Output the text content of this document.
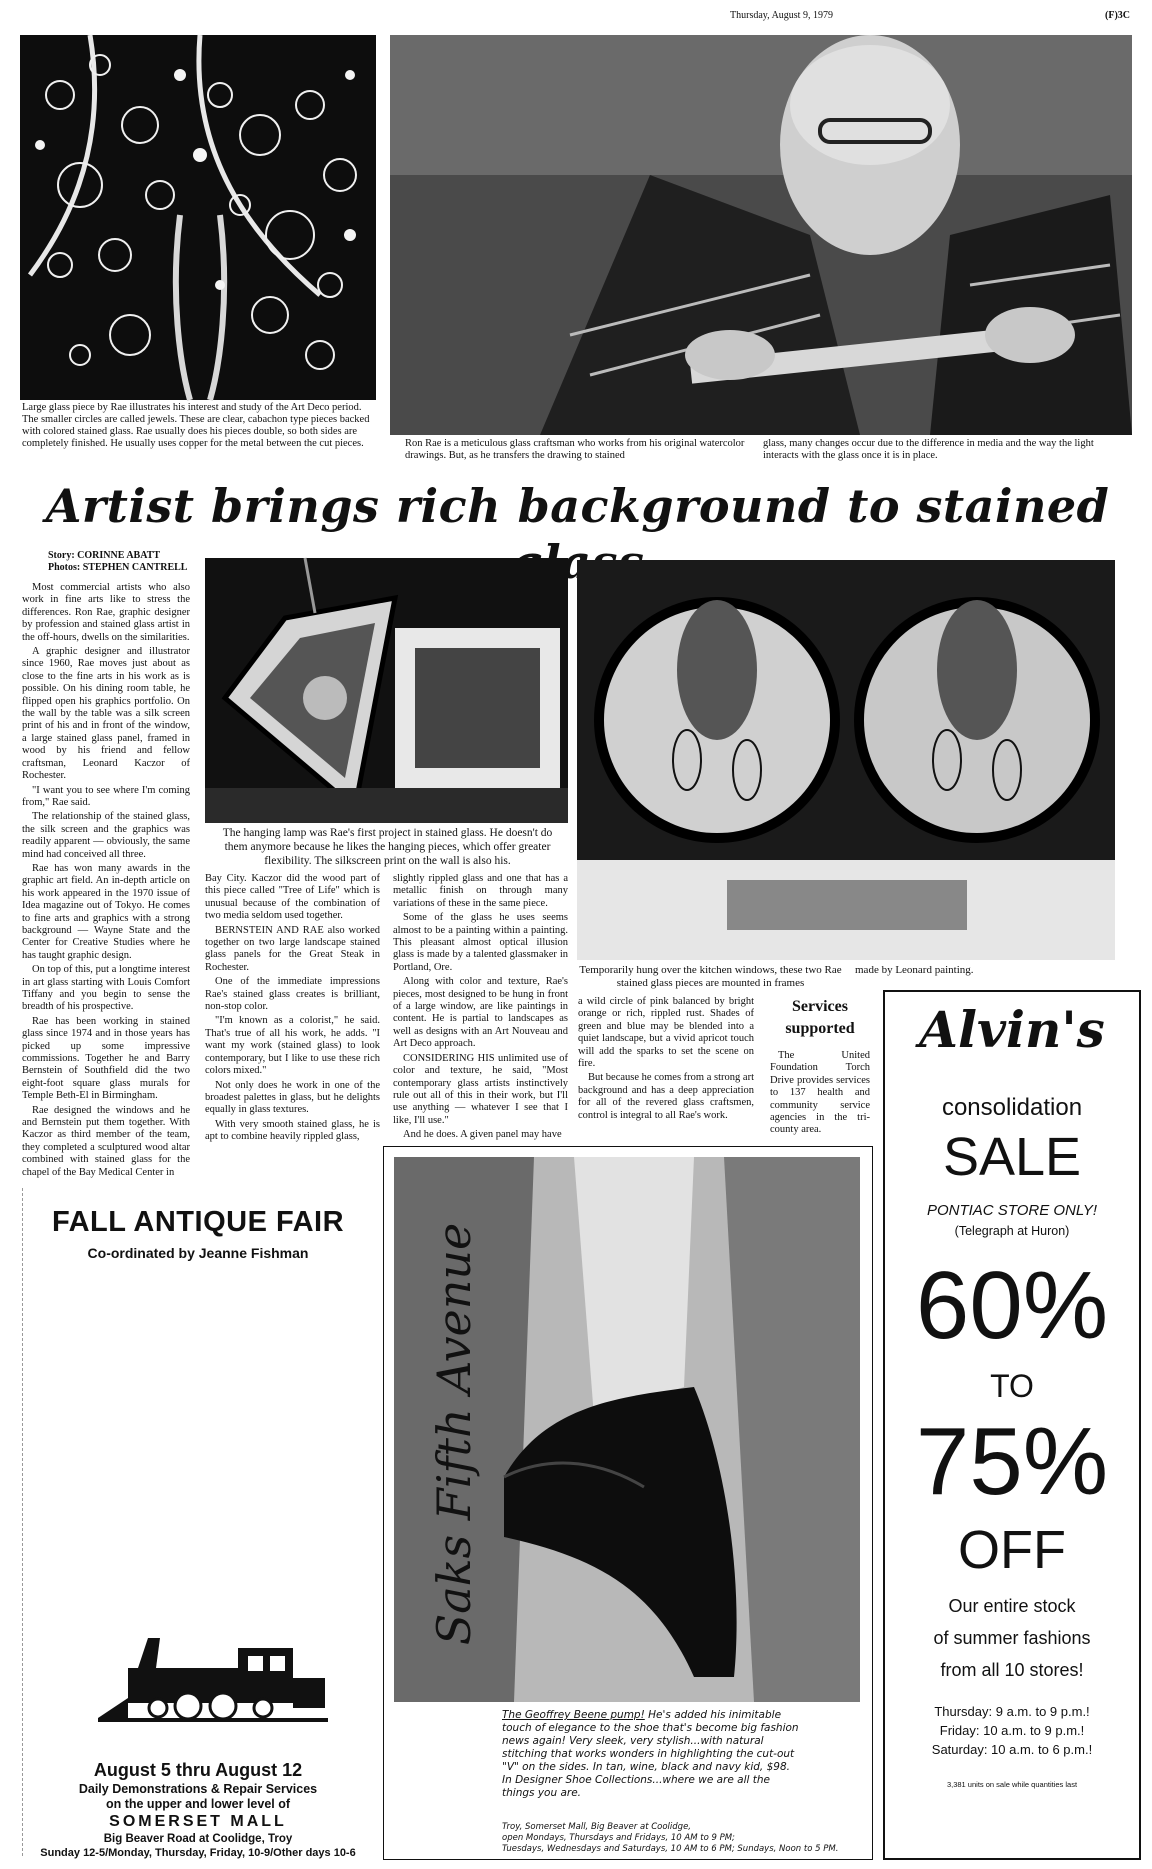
Thursday, August 9, 1979	(F)3C
Large glass piece by Rae illustrates his interest and study of the Art Deco period. The smaller circles are called jewels. These are clear, cabachon type pieces backed with colored stained glass. Rae usually does his pieces double, so both sides are completely finished. He usually uses copper for the metal between the cut pieces.	Ron Rae is a meticulous glass craftsman who works from his original watercolor drawings. But, as he transfers the drawing to stained
glass, many changes occur due to the difference in media and the way the light interacts with the glass once it is in place.
Artist brings rich background to stained
Story: CORINNE ABATT
Photos: STEPHEN CANTRELL

Most commercial artists who also work in fine arts like to stress the differences. Ron Rae, graphic designer by profession and stained glass artist in the off-hours, dwells on the similarities.

A graphic designer and illustrator since 1960, Rae moves just about as close to the fine arts in his work as is possible. On his dining room table, he flipped open his graphics portfolio. On the wall by the table was a silk screen print of his and in front of the window, a large stained glass panel, framed in wood by his friend and fellow craftsman, Leonard Kaczor of Rochester.

"I want you to see where I'm coming from," Rae said.

The relationship of the stained glass, the silk screen and the graphics was readily apparent — obviously, the same mind had conceived all three.

Rae has won many awards in the graphic art field. An in-depth article on his work appeared in the 1970 issue of Idea magazine out of Tokyo. He comes to fine arts and graphics with a strong background — Wayne State and the Center for Creative Studies where he has taught graphic design.

On top of this, put a longtime interest in art glass starting with Louis Comfort Tiffany and you begin to sense the breadth of his prospective.

Rae has been working in stained glass since 1974 and in those years has picked up some impressive commissions. Together he and Barry Bernstein of Southfield did the two eight-foot square glass murals for Temple Beth-El in Birmingham.

Rae designed the windows and he and Bernstein put them together. With Kaczor as third member of the team, they completed a sculptured wood altar combined with stained glass for the chapel of the Bay Medical Center in

The hanging lamp was Rae's first project in stained glass. He doesn't do them anymore because he likes the hanging pieces, which offer greater flexibility. The silkscreen print on the wall is also his.

Bay City. Kaczor did the wood part of this piece called "Tree of Life" which is unusual because of the combination of two media seldom used together.

BERNSTEIN AND RAE also worked together on two large landscape stained glass panels for the Great Steak in Rochester.

One of the immediate impressions Rae's stained glass creates is brilliant, non-stop color.

"I'm known as a colorist," he said. That's true of all his work, he adds. "I want my work (stained glass) to look contemporary, but I like to use these rich colors mixed."

Not only does he work in one of the broadest palettes in glass, but he delights equally in glass textures.

With very smooth stained glass, he is apt to combine heavily rippled glass,

slightly rippled glass and one that has a metallic finish on through many variations of these in the same piece.

Some of the glass he uses seems almost to be a painting within a painting. This pleasant almost optical illusion glass is made by a talented glassmaker in Portland, Ore.

Along with color and texture, Rae's pieces, most designed to be hung in front of a large window, are like paintings in content. He is partial to landscapes as well as designs with an Art Nouveau and Art Deco approach.

CONSIDERING HIS unlimited use of color and texture, he said, "Most contemporary glass artists instinctively rule out all of this in their work, but I'll use anything — whatever I see that I like, I'll use."

And he does. A given panel may have

Temporarily hung over the kitchen windows, these two Rae stained glass pieces are mounted in frames
made by Leonard painting.

a wild circle of pink balanced by bright orange or rich, rippled rust. Shades of green and blue may be blended into a quiet landscape, but a vivid apricot touch will add the sparks to set the scene on fire.

But because he comes from a strong art background and has a deep appreciation for all of the revered glass craftsmen, control is integral to all Rae's work.

Services supported
The United Foundation Torch Drive provides services to 137 health and community service agencies in the tri-county area.
FALL ANTIQUE FAIR
Co-ordinated by Jeanne Fishman
August 5 thru August 12
Daily Demonstrations & Repair Services
on the upper and lower level of
SOMERSET MALL
Big Beaver Road at Coolidge, Troy
Sunday 12-5/Monday, Thursday, Friday, 10-9/Other days 10-6
Saks Fifth Avenue
The Geoffrey Beene pump! He's added his inimitable touch of elegance to the shoe that's become big fashion news again! Very sleek, very stylish...with natural stitching that works wonders in highlighting the cut-out "V" on the sides. In tan, wine, black and navy kid, $98. In Designer Shoe Collections...where we are all the things you are.
Troy, Somerset Mall, Big Beaver at Coolidge,
open Mondays, Thursdays and Fridays, 10 AM to 9 PM;
Tuesdays, Wednesdays and Saturdays, 10 AM to 6 PM; Sundays, Noon to 5 PM.
Alvin's
consolidation
SALE
PONTIAC STORE ONLY!
(Telegraph at Huron)
60%
TO
75%
OFF
Our entire stock
of summer fashions
from all 10 stores!
Thursday: 9 a.m. to 9 p.m.!
Friday: 10 a.m. to 9 p.m.!
Saturday: 10 a.m. to 6 p.m.!
3,381 units on sale while quantities last
